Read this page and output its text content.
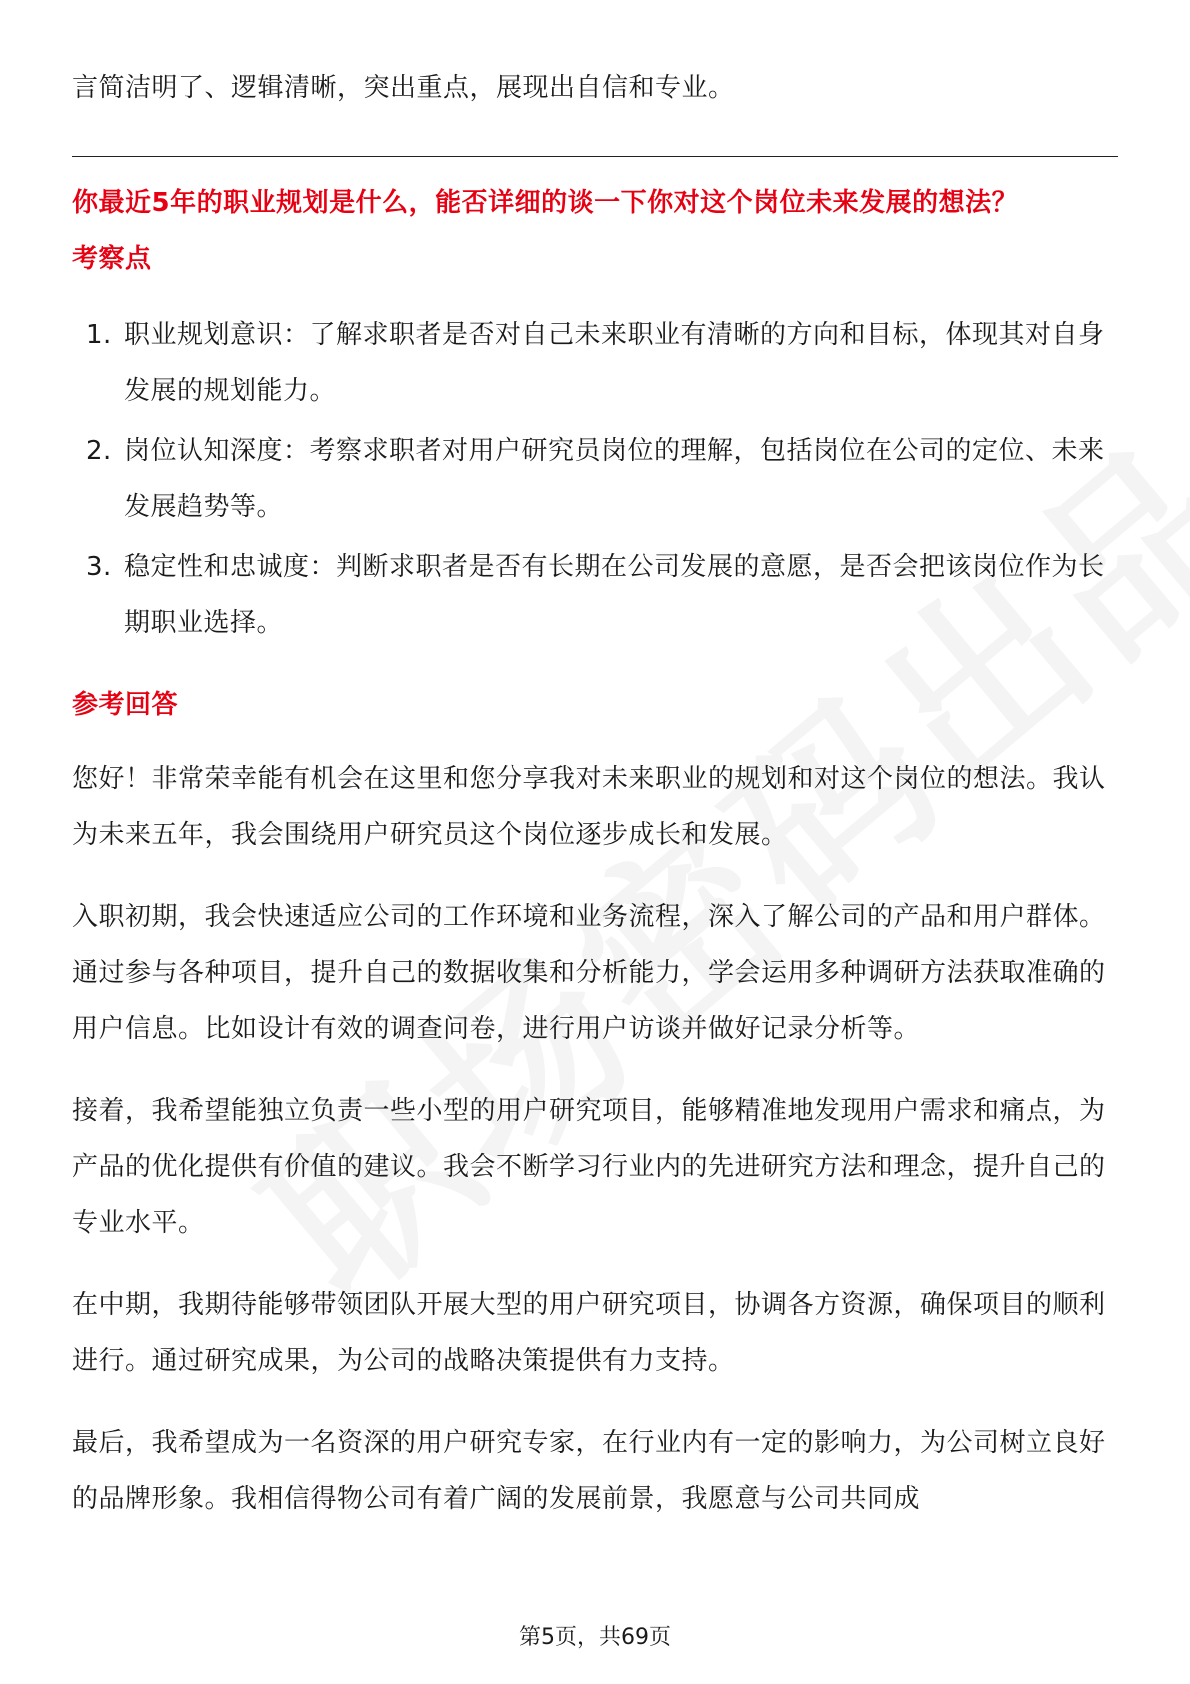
言简洁明了、逻辑清晰，突出重点，展现出自信和专业。

你最近5年的职业规划是什么，能否详细的谈一下你对这个岗位未来发展的想法？

考察点

1. 职业规划意识：了解求职者是否对自己未来职业有清晰的方向和目标，体现其对自身发展的规划能力。
2. 岗位认知深度：考察求职者对用户研究员岗位的理解，包括岗位在公司的定位、未来发展趋势等。
3. 稳定性和忠诚度：判断求职者是否有长期在公司发展的意愿，是否会把该岗位作为长期职业选择。

参考回答

您好！非常荣幸能有机会在这里和您分享我对未来职业的规划和对这个岗位的想法。我认为未来五年，我会围绕用户研究员这个岗位逐步成长和发展。

入职初期，我会快速适应公司的工作环境和业务流程，深入了解公司的产品和用户群体。通过参与各种项目，提升自己的数据收集和分析能力，学会运用多种调研方法获取准确的用户信息。比如设计有效的调查问卷，进行用户访谈并做好记录分析等。

接着，我希望能独立负责一些小型的用户研究项目，能够精准地发现用户需求和痛点，为产品的优化提供有价值的建议。我会不断学习行业内的先进研究方法和理念，提升自己的专业水平。

在中期，我期待能够带领团队开展大型的用户研究项目，协调各方资源，确保项目的顺利进行。通过研究成果，为公司的战略决策提供有力支持。

最后，我希望成为一名资深的用户研究专家，在行业内有一定的影响力，为公司树立良好的品牌形象。我相信得物公司有着广阔的发展前景，我愿意与公司共同成

第5页，共69页
